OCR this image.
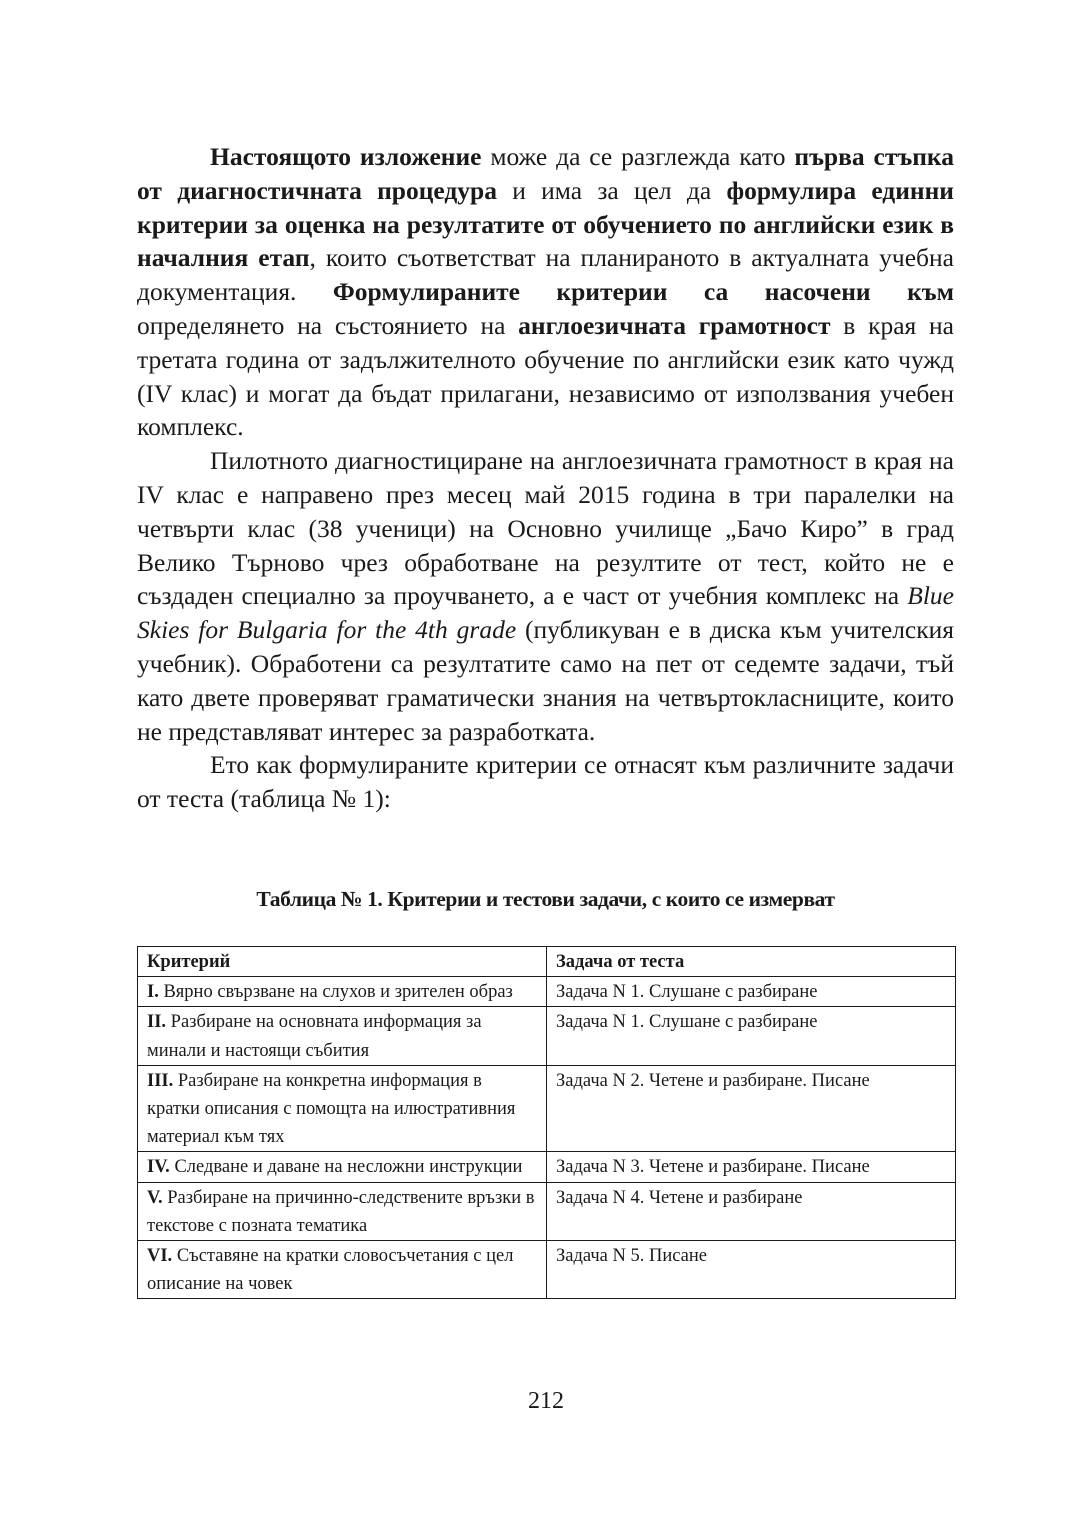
Настоящото изложение може да се разглежда като първа стъпка от диагностичната процедура и има за цел да формулира единни критерии за оценка на резултатите от обучението по английски език в началния етап, които съответстват на планираното в актуалната учебна документация. Формулираните критерии са насочени към определянето на състоянието на англоезичната грамотност в края на третата година от задължителното обучение по английски език като чужд (IV клас) и могат да бъдат прилагани, независимо от използвания учебен комплекс.

Пилотното диагностициране на англоезичната грамотност в края на IV клас е направено през месец май 2015 година в три паралелки на четвърти клас (38 ученици) на Основно училище „Бачо Киро” в град Велико Търново чрез обработване на резултите от тест, който не е създаден специално за проучването, а е част от учебния комплекс на Blue Skies for Bulgaria for the 4th grade (публикуван е в диска към учителския учебник). Обработени са резултатите само на пет от седемте задачи, тъй като двете проверяват граматически знания на четвъртокласниците, които не представляват интерес за разработката.

Ето как формулираните критерии се отнасят към различните задачи от теста (таблица № 1):

Таблица № 1. Критерии и тестови задачи, с които се измерват
Критерий	Задача от теста
I. Вярно свързване на слухов и зрителен образ	Задача N 1. Слушане с разбиране
II. Разбиране на основната информация за минали и настоящи събития	Задача N 1. Слушане с разбиране
III. Разбиране на конкретна информация в кратки описания с помощта на илюстративния материал към тях	Задача N 2. Четене и разбиране. Писане
IV. Следване и даване на несложни инструкции	Задача N 3. Четене и разбиране. Писане
V. Разбиране на причинно-следствените връзки в текстове с позната тематика	Задача N 4. Четене и разбиране
VI. Съставяне на кратки словосъчетания с цел описание на човек	Задача N 5. Писане
212
